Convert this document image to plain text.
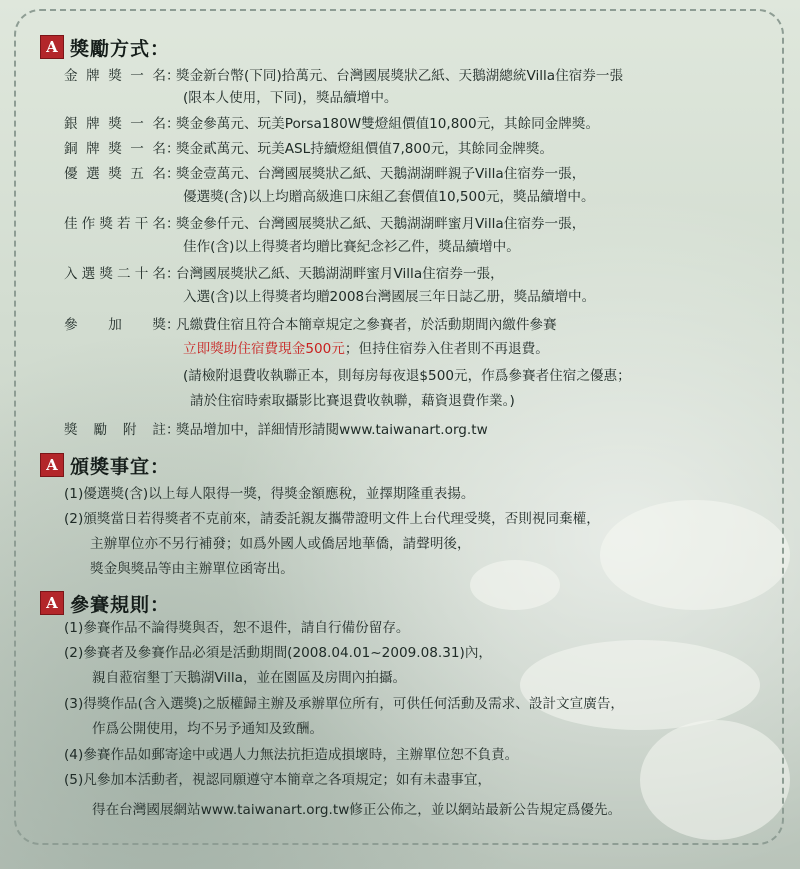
A 獎勵方式：
金牌獎一名：獎金新台幣(下同)拾萬元、台灣國展獎狀乙紙、天鵝湖總統Villa住宿券一張
(限本人使用，下同)，獎品續增中。
銀牌獎一名：獎金參萬元、玩美Porsa180W雙燈組價值10,800元，其餘同金牌獎。
銅牌獎一名：獎金貳萬元、玩美ASL持續燈組價值7,800元，其餘同金牌獎。
優選獎五名：獎金壹萬元、台灣國展獎狀乙紙、天鵝湖湖畔親子Villa住宿券一張，
優選獎(含)以上均贈高級進口床組乙套價值10,500元，獎品續增中。
佳作獎若干名：獎金參仟元、台灣國展獎狀乙紙、天鵝湖湖畔蜜月Villa住宿券一張，
佳作(含)以上得獎者均贈比賽紀念衫乙件，獎品續增中。
入選獎二十名：台灣國展獎狀乙紙、天鵝湖湖畔蜜月Villa住宿券一張，
入選(含)以上得獎者均贈2008台灣國展三年日誌乙册，獎品續增中。
參加獎：凡繳費住宿且符合本簡章規定之參賽者，於活動期間內繳件參賽
立即獎助住宿費現金500元；但持住宿券入住者則不再退費。
(請檢附退費收執聯正本，則每房每夜退$500元，作爲參賽者住宿之優惠；
請於住宿時索取攝影比賽退費收執聯，藉資退費作業。)
獎勵附註：獎品增加中，詳細情形請閱www.taiwanart.org.tw
A 頒獎事宜：
(1)優選獎(含)以上每人限得一獎，得獎金額應稅，並擇期隆重表揚。
(2)頒獎當日若得獎者不克前來，請委託親友攜帶證明文件上台代理受獎，否則視同棄權，
主辦單位亦不另行補發；如爲外國人或僑居地華僑，請聲明後，
獎金與獎品等由主辦單位函寄出。
A 參賽規則：
(1)參賽作品不論得獎與否，恕不退件，請自行備份留存。
(2)參賽者及參賽作品必須是活動期間(2008.04.01~2009.08.31)內，
親自蒞宿墾丁天鵝湖Villa，並在園區及房間內拍攝。
(3)得獎作品(含入選獎)之版權歸主辦及承辦單位所有，可供任何活動及需求、設計文宣廣告，
作爲公開使用，均不另予通知及致酬。
(4)參賽作品如郵寄途中或遇人力無法抗拒造成損壞時，主辦單位恕不負責。
(5)凡參加本活動者，視認同願遵守本簡章之各項規定；如有未盡事宜，
得在台灣國展網站www.taiwanart.org.tw修正公佈之，並以網站最新公告規定爲優先。
